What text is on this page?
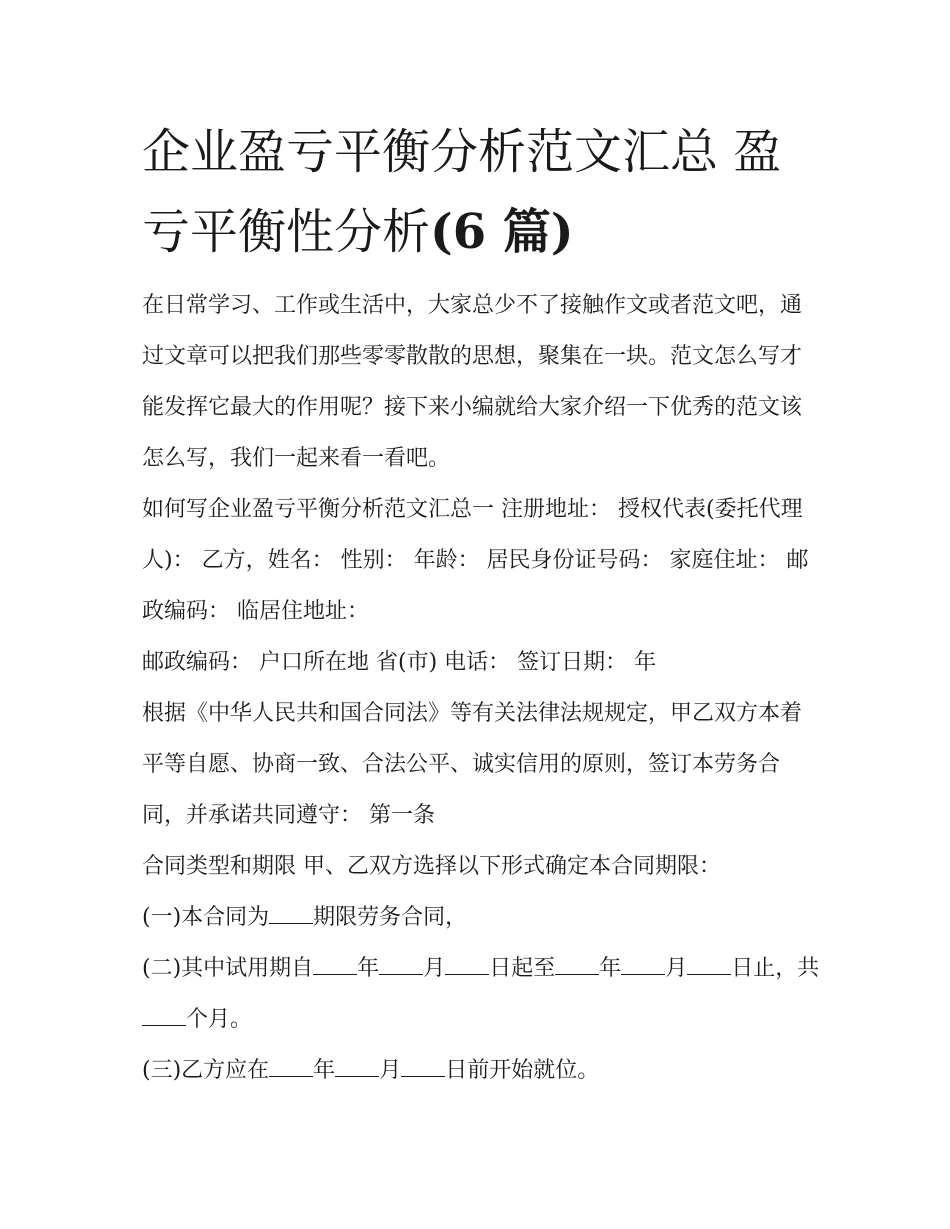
企业盈亏平衡分析范文汇总 盈亏平衡性分析(6 篇)

在日常学习、工作或生活中，大家总少不了接触作文或者范文吧，通过文章可以把我们那些零零散散的思想，聚集在一块。范文怎么写才能发挥它最大的作用呢？接下来小编就给大家介绍一下优秀的范文该怎么写，我们一起来看一看吧。

如何写企业盈亏平衡分析范文汇总一 注册地址： 授权代表(委托代理人)： 乙方，姓名： 性别： 年龄： 居民身份证号码： 家庭住址： 邮政编码： 临居住地址：

邮政编码： 户口所在地 省(市) 电话： 签订日期： 年

根据《中华人民共和国合同法》等有关法律法规规定，甲乙双方本着平等自愿、协商一致、合法公平、诚实信用的原则，签订本劳务合同，并承诺共同遵守： 第一条

合同类型和期限 甲、乙双方选择以下形式确定本合同期限：

(一)本合同为 期限劳务合同，

(二)其中试用期自 年 月 日起至 年 月 日止，共个月。

(三)乙方应在 年 月 日前开始就位。
